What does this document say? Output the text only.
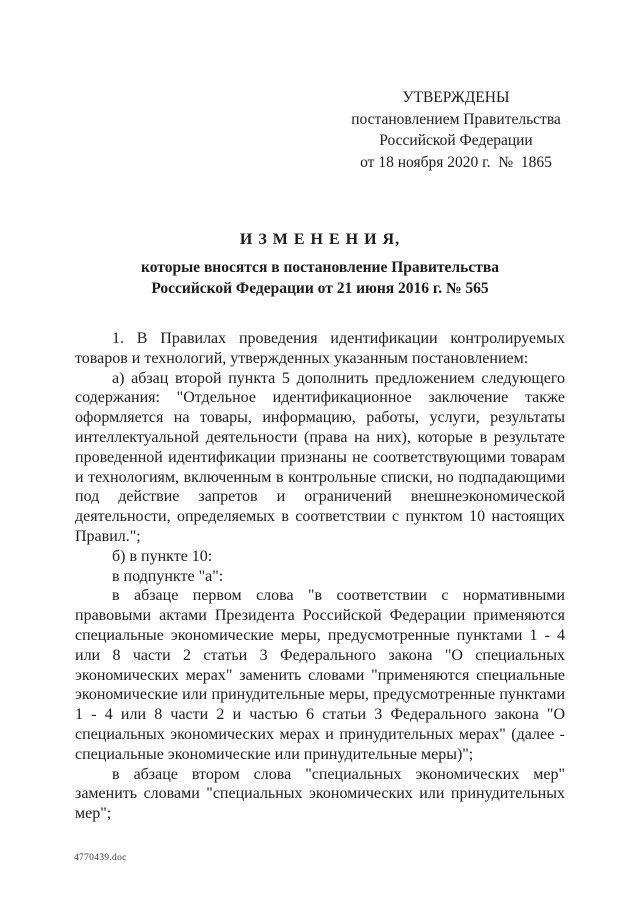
УТВЕРЖДЕНЫ
постановлением Правительства
Российской Федерации
от 18 ноября 2020 г.  №  1865
И З М Е Н Е Н И Я,
которые вносятся в постановление Правительства
Российской Федерации от 21 июня 2016 г. № 565

1. В Правилах проведения идентификации контролируемых товаров и технологий, утвержденных указанным постановлением:

а) абзац второй пункта 5 дополнить предложением следующего содержания: "Отдельное идентификационное заключение также оформляется на товары, информацию, работы, услуги, результаты интеллектуальной деятельности (права на них), которые в результате проведенной идентификации признаны не соответствующими товарам и технологиям, включенным в контрольные списки, но подпадающими под действие запретов и ограничений внешнеэкономической деятельности, определяемых в соответствии с пунктом 10 настоящих Правил.";

б) в пункте 10:

в подпункте "а":

в абзаце первом слова "в соответствии с нормативными правовыми актами Президента Российской Федерации применяются специальные экономические меры, предусмотренные пунктами 1 - 4 или 8 части 2 статьи 3 Федерального закона "О специальных экономических мерах" заменить словами "применяются специальные экономические или принудительные меры, предусмотренные пунктами 1 - 4 или 8 части 2 и частью 6 статьи 3 Федерального закона "О специальных экономических мерах и принудительных мерах" (далее - специальные экономические или принудительные меры)";

в абзаце втором слова "специальных экономических мер" заменить словами "специальных экономических или принудительных мер";

4770439.doc
